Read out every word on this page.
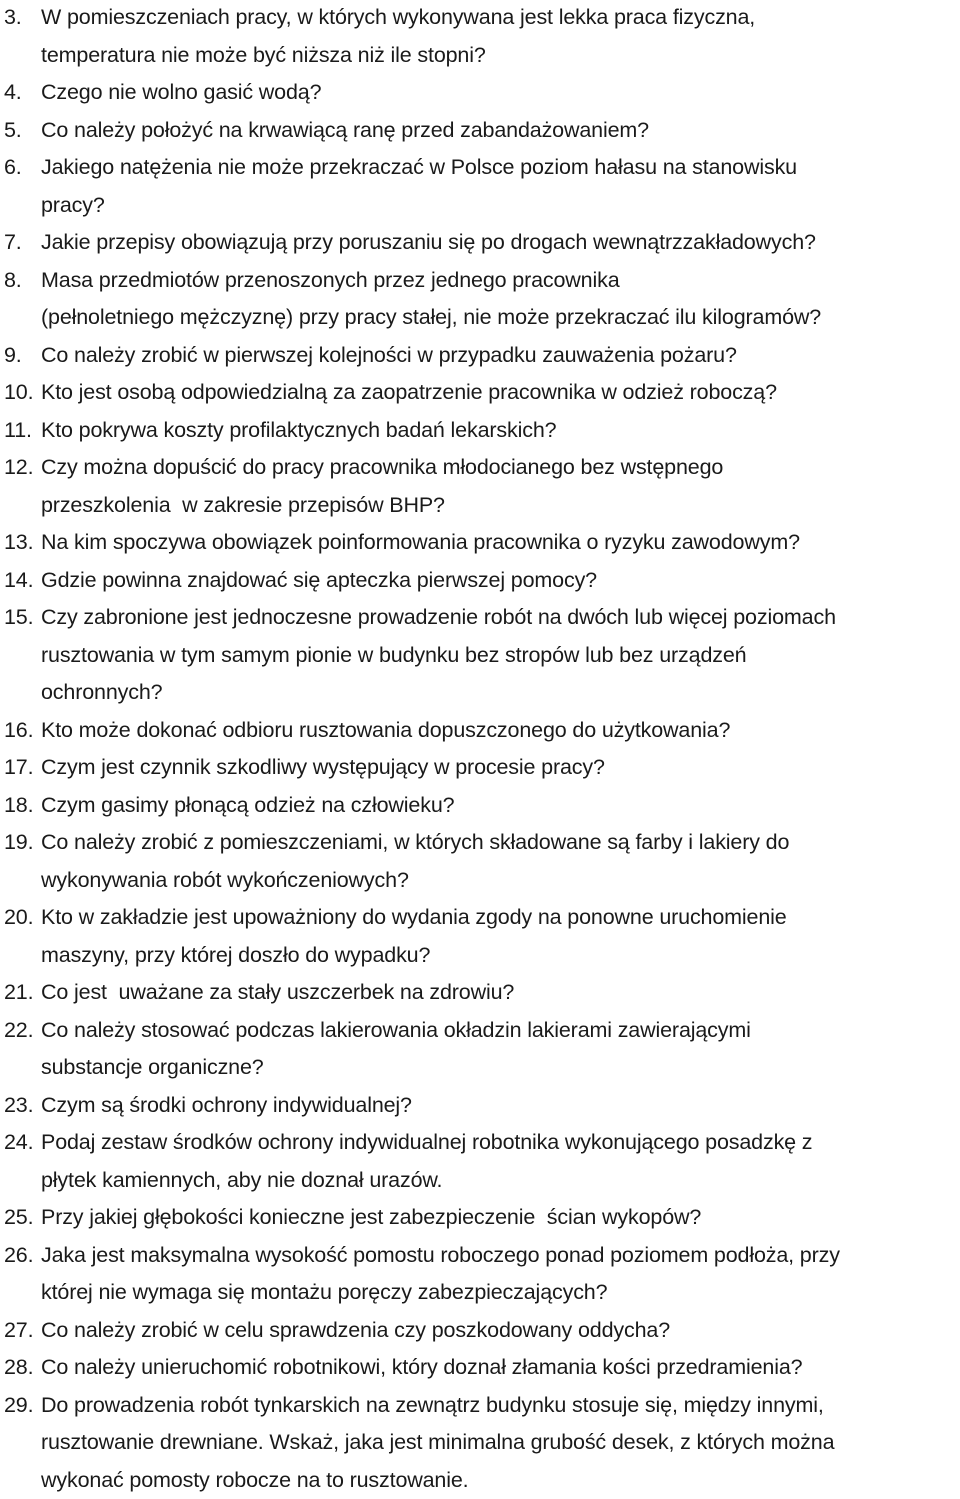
3. W pomieszczeniach pracy, w których wykonywana jest lekka praca fizyczna,
temperatura nie może być niższa niż ile stopni?
4. Czego nie wolno gasić wodą?
5. Co należy położyć na krwawiącą ranę przed zabandażowaniem?
6. Jakiego natężenia nie może przekraczać w Polsce poziom hałasu na stanowisku
pracy?
7. Jakie przepisy obowiązują przy poruszaniu się po drogach wewnątrzzakładowych?
8. Masa przedmiotów przenoszonych przez jednego pracownika
(pełnoletniego mężczyznę) przy pracy stałej, nie może przekraczać ilu kilogramów?
9. Co należy zrobić w pierwszej kolejności w przypadku zauważenia pożaru?
10. Kto jest osobą odpowiedzialną za zaopatrzenie pracownika w odzież roboczą?
11. Kto pokrywa koszty profilaktycznych badań lekarskich?
12. Czy można dopuścić do pracy pracownika młodocianego bez wstępnego
przeszkolenia  w zakresie przepisów BHP?
13. Na kim spoczywa obowiązek poinformowania pracownika o ryzyku zawodowym?
14. Gdzie powinna znajdować się apteczka pierwszej pomocy?
15. Czy zabronione jest jednoczesne prowadzenie robót na dwóch lub więcej poziomach
rusztowania w tym samym pionie w budynku bez stropów lub bez urządzeń
ochronnych?
16. Kto może dokonać odbioru rusztowania dopuszczonego do użytkowania?
17. Czym jest czynnik szkodliwy występujący w procesie pracy?
18. Czym gasimy płonącą odzież na człowieku?
19. Co należy zrobić z pomieszczeniami, w których składowane są farby i lakiery do
wykonywania robót wykończeniowych?
20. Kto w zakładzie jest upoważniony do wydania zgody na ponowne uruchomienie
maszyny, przy której doszło do wypadku?
21. Co jest  uważane za stały uszczerbek na zdrowiu?
22. Co należy stosować podczas lakierowania okładzin lakierami zawierającymi
substancje organiczne?
23. Czym są środki ochrony indywidualnej?
24. Podaj zestaw środków ochrony indywidualnej robotnika wykonującego posadzkę z
płytek kamiennych, aby nie doznał urazów.
25. Przy jakiej głębokości konieczne jest zabezpieczenie  ścian wykopów?
26. Jaka jest maksymalna wysokość pomostu roboczego ponad poziomem podłoża, przy
której nie wymaga się montażu poręczy zabezpieczających?
27. Co należy zrobić w celu sprawdzenia czy poszkodowany oddycha?
28. Co należy unieruchomić robotnikowi, który doznał złamania kości przedramienia?
29. Do prowadzenia robót tynkarskich na zewnątrz budynku stosuje się, między innymi,
rusztowanie drewniane. Wskaż, jaka jest minimalna grubość desek, z których można
wykonać pomosty robocze na to rusztowanie.
